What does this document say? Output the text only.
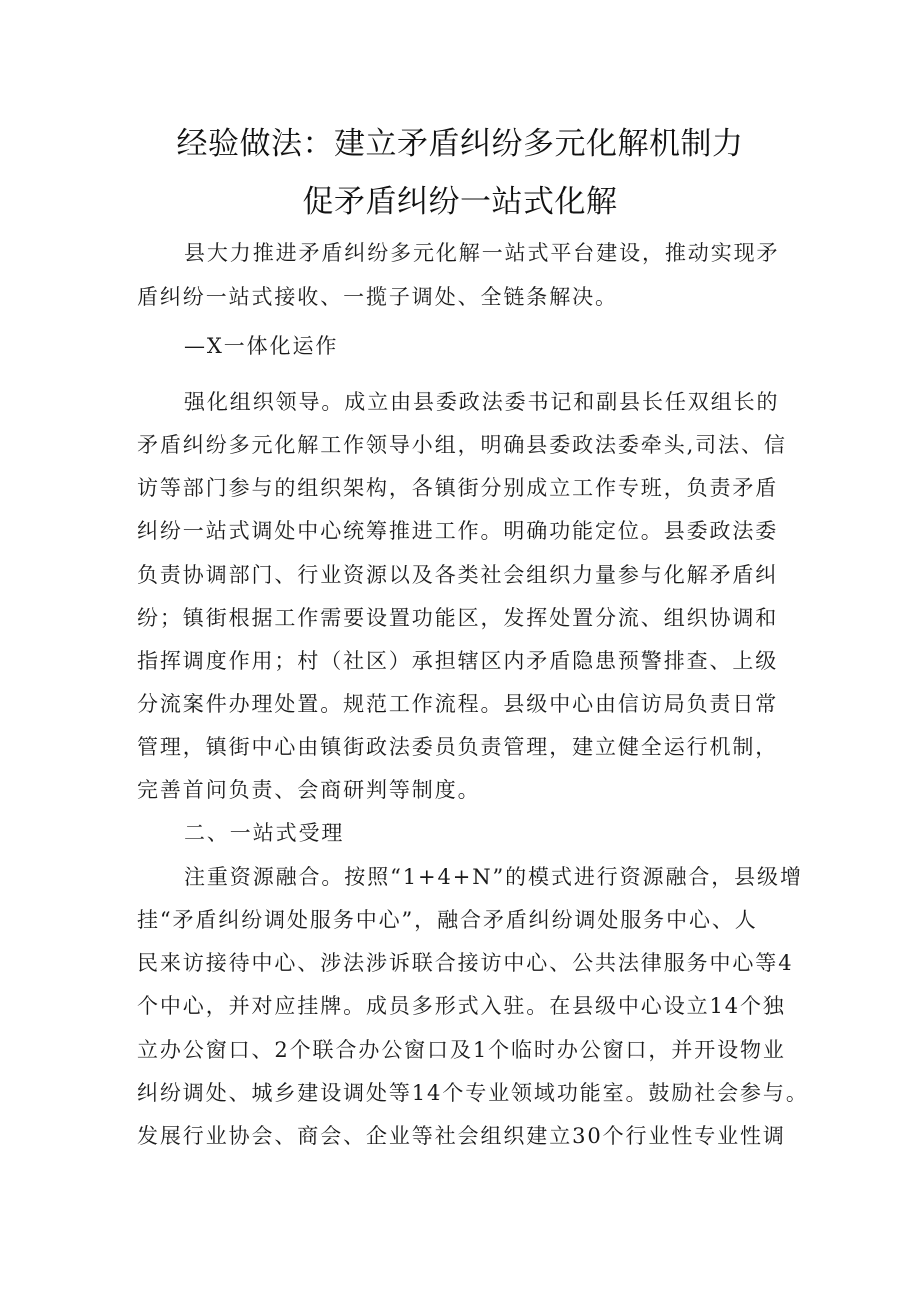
经验做法：建立矛盾纠纷多元化解机制力
促矛盾纠纷一站式化解
县大力推进矛盾纠纷多元化解一站式平台建设，推动实现矛
盾纠纷一站式接收、一揽子调处、全链条解决。
—X一体化运作
强化组织领导。成立由县委政法委书记和副县长任双组长的
矛盾纠纷多元化解工作领导小组，明确县委政法委牵头,司法、信
访等部门参与的组织架构，各镇街分别成立工作专班，负责矛盾
纠纷一站式调处中心统筹推进工作。明确功能定位。县委政法委
负责协调部门、行业资源以及各类社会组织力量参与化解矛盾纠
纷；镇街根据工作需要设置功能区，发挥处置分流、组织协调和
指挥调度作用；村（社区）承担辖区内矛盾隐患预警排查、上级
分流案件办理处置。规范工作流程。县级中心由信访局负责日常
管理，镇街中心由镇街政法委员负责管理，建立健全运行机制，
完善首问负责、会商研判等制度。
二、一站式受理
注重资源融合。按照“1+4+N”的模式进行资源融合，县级增
挂“矛盾纠纷调处服务中心”，融合矛盾纠纷调处服务中心、人
民来访接待中心、涉法涉诉联合接访中心、公共法律服务中心等4
个中心，并对应挂牌。成员多形式入驻。在县级中心设立14个独
立办公窗口、2个联合办公窗口及1个临时办公窗口，并开设物业
纠纷调处、城乡建设调处等14个专业领域功能室。鼓励社会参与。
发展行业协会、商会、企业等社会组织建立30个行业性专业性调
